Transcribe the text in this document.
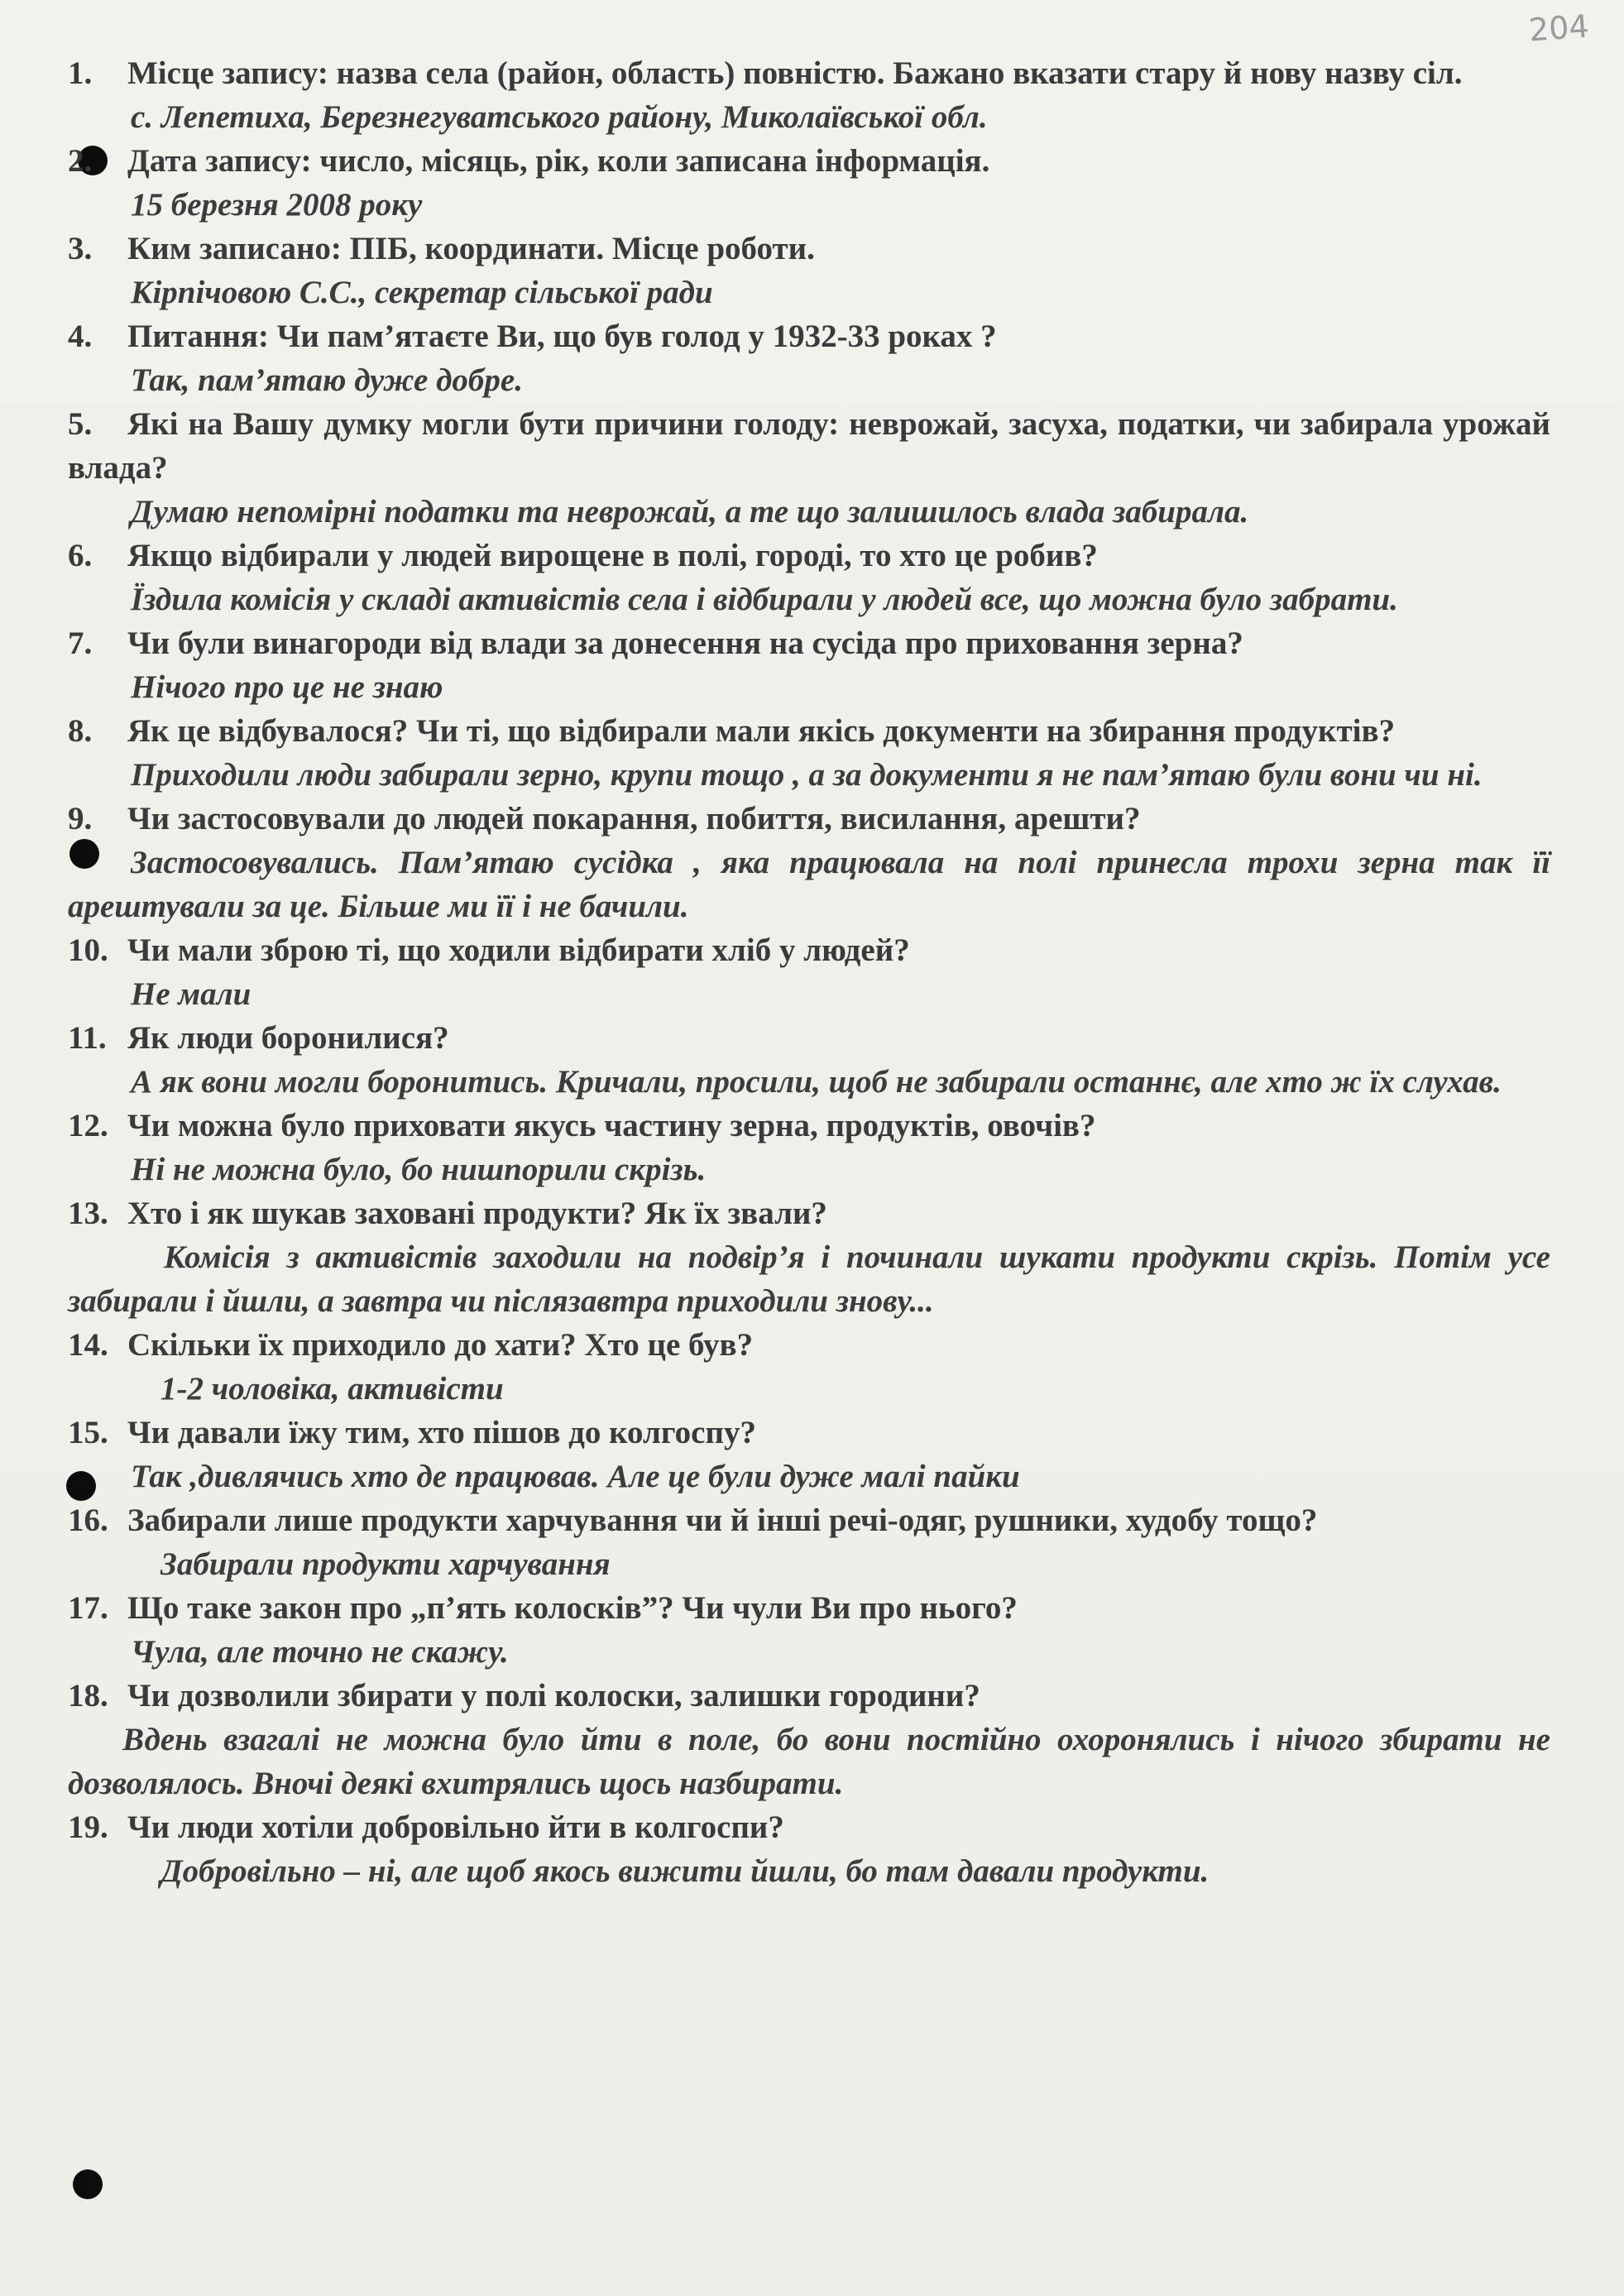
204
1. Місце запису: назва села (район, область) повністю. Бажано вказати стару й нову назву сіл.
с. Лепетиха, Березнегуватського району, Миколаївської обл.
2. Дата запису: число, місяць, рік, коли записана інформація.
15 березня 2008 року
3. Ким записано: ПІБ, координати. Місце роботи.
Кірпічовою С.С., секретар сільської ради
4. Питання: Чи пам’ятаєте Ви, що був голод у 1932-33 роках ?
Так, пам’ятаю дуже добре.
5. Які на Вашу думку могли бути причини голоду: неврожай, засуха, податки, чи забирала урожай влада?
Думаю непомірні податки та неврожай, а те що залишилось влада забирала.
6. Якщо відбирали у людей вирощене в полі, городі, то хто це робив?
Їздила комісія у складі активістів села і відбирали у людей все, що можна було забрати.
7. Чи були винагороди від влади за донесення на сусіда про приховання зерна?
Нічого про це не знаю
8. Як це відбувалося? Чи ті, що відбирали мали якісь документи на збирання продуктів?
Приходили люди забирали зерно, крупи тощо , а за документи я не пам’ятаю були вони чи ні.
9. Чи застосовували до людей покарання, побиття, висилання, арешти?
Застосовувались. Пам’ятаю сусідка , яка працювала на полі принесла трохи зерна так її арештували за це. Більше ми її і не бачили.
10. Чи мали зброю ті, що ходили відбирати хліб у людей?
Не мали
11. Як люди боронилися?
А як вони могли боронитись. Кричали, просили, щоб не забирали останнє, але хто ж їх слухав.
12. Чи можна було приховати якусь частину зерна, продуктів, овочів?
Ні не можна було, бо нишпорили скрізь.
13. Хто і як шукав заховані продукти? Як їх звали?
Комісія з активістів заходили на подвір’я і починали шукати продукти скрізь. Потім усе забирали і йшли, а завтра чи післязавтра приходили знову...
14. Скільки їх приходило до хати? Хто це був?
1-2 чоловіка, активісти
15. Чи давали їжу тим, хто пішов до колгоспу?
Так ,дивлячись хто де працював. Але це були дуже малі пайки
16. Забирали лише продукти харчування чи й інші речі-одяг, рушники, худобу тощо?
Забирали продукти харчування
17. Що таке закон про „п’ять колосків”? Чи чули Ви про нього?
Чула, але точно не скажу.
18. Чи дозволили збирати у полі колоски, залишки городини?
Вдень взагалі не можна було йти в поле, бо вони постійно охоронялись і нічого збирати не дозволялось. Вночі деякі вхитрялись щось назбирати.
19. Чи люди хотіли добровільно йти в колгоспи?
Добровільно – ні, але щоб якось вижити йшли, бо там давали продукти.
